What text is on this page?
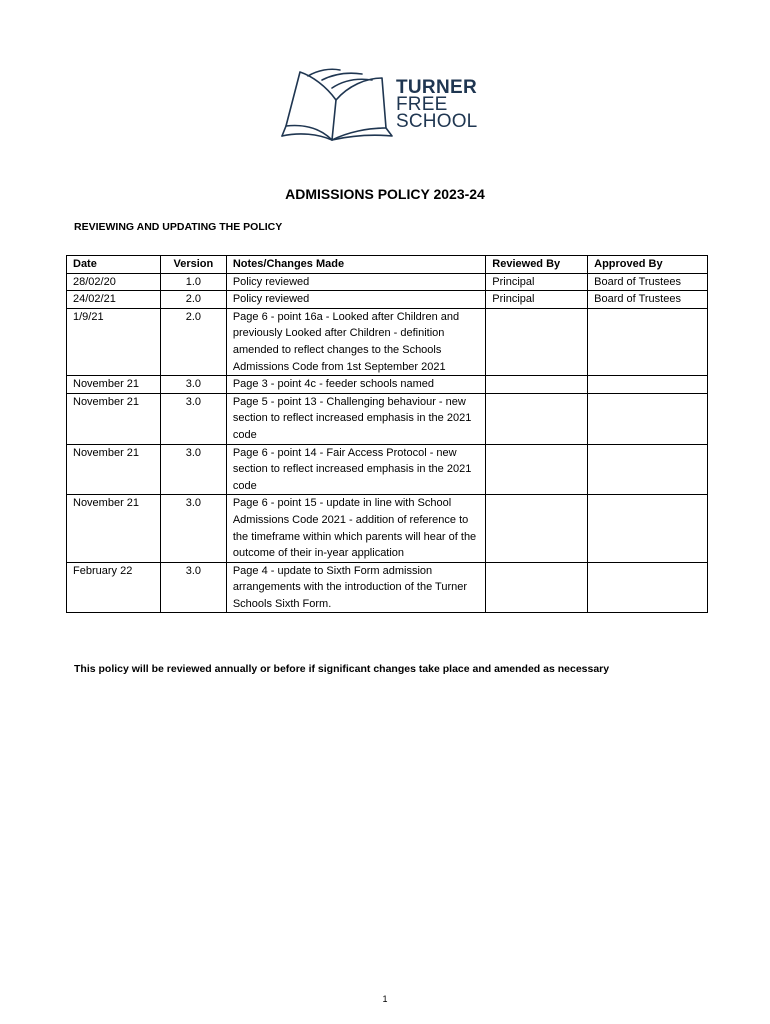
TURNER
FREE
SCHOOL
ADMISSIONS POLICY 2023-24
REVIEWING AND UPDATING THE POLICY
Date	Version	Notes/Changes Made	Reviewed By	Approved By
28/02/20	1.0	Policy reviewed	Principal	Board of Trustees
24/02/21	2.0	Policy reviewed	Principal	Board of Trustees
1/9/21	2.0	Page 6 - point 16a - Looked after Children and previously Looked after Children - definition amended to reflect changes to the Schools Admissions Code from 1st September 2021		
November 21	3.0	Page 3 - point 4c - feeder schools named		
November 21	3.0	Page 5 - point 13 - Challenging behaviour - new section to reflect increased emphasis in the 2021 code		
November 21	3.0	Page 6 - point 14 - Fair Access Protocol - new section to reflect increased emphasis in the 2021 code		
November 21	3.0	Page 6 - point 15 - update in line with School Admissions Code 2021 - addition of reference to the timeframe within which parents will hear of the outcome of their in-year application		
February 22	3.0	Page 4 - update to Sixth Form admission arrangements with the introduction of the Turner Schools Sixth Form.		
This policy will be reviewed annually or before if significant changes take place and amended as necessary
1
